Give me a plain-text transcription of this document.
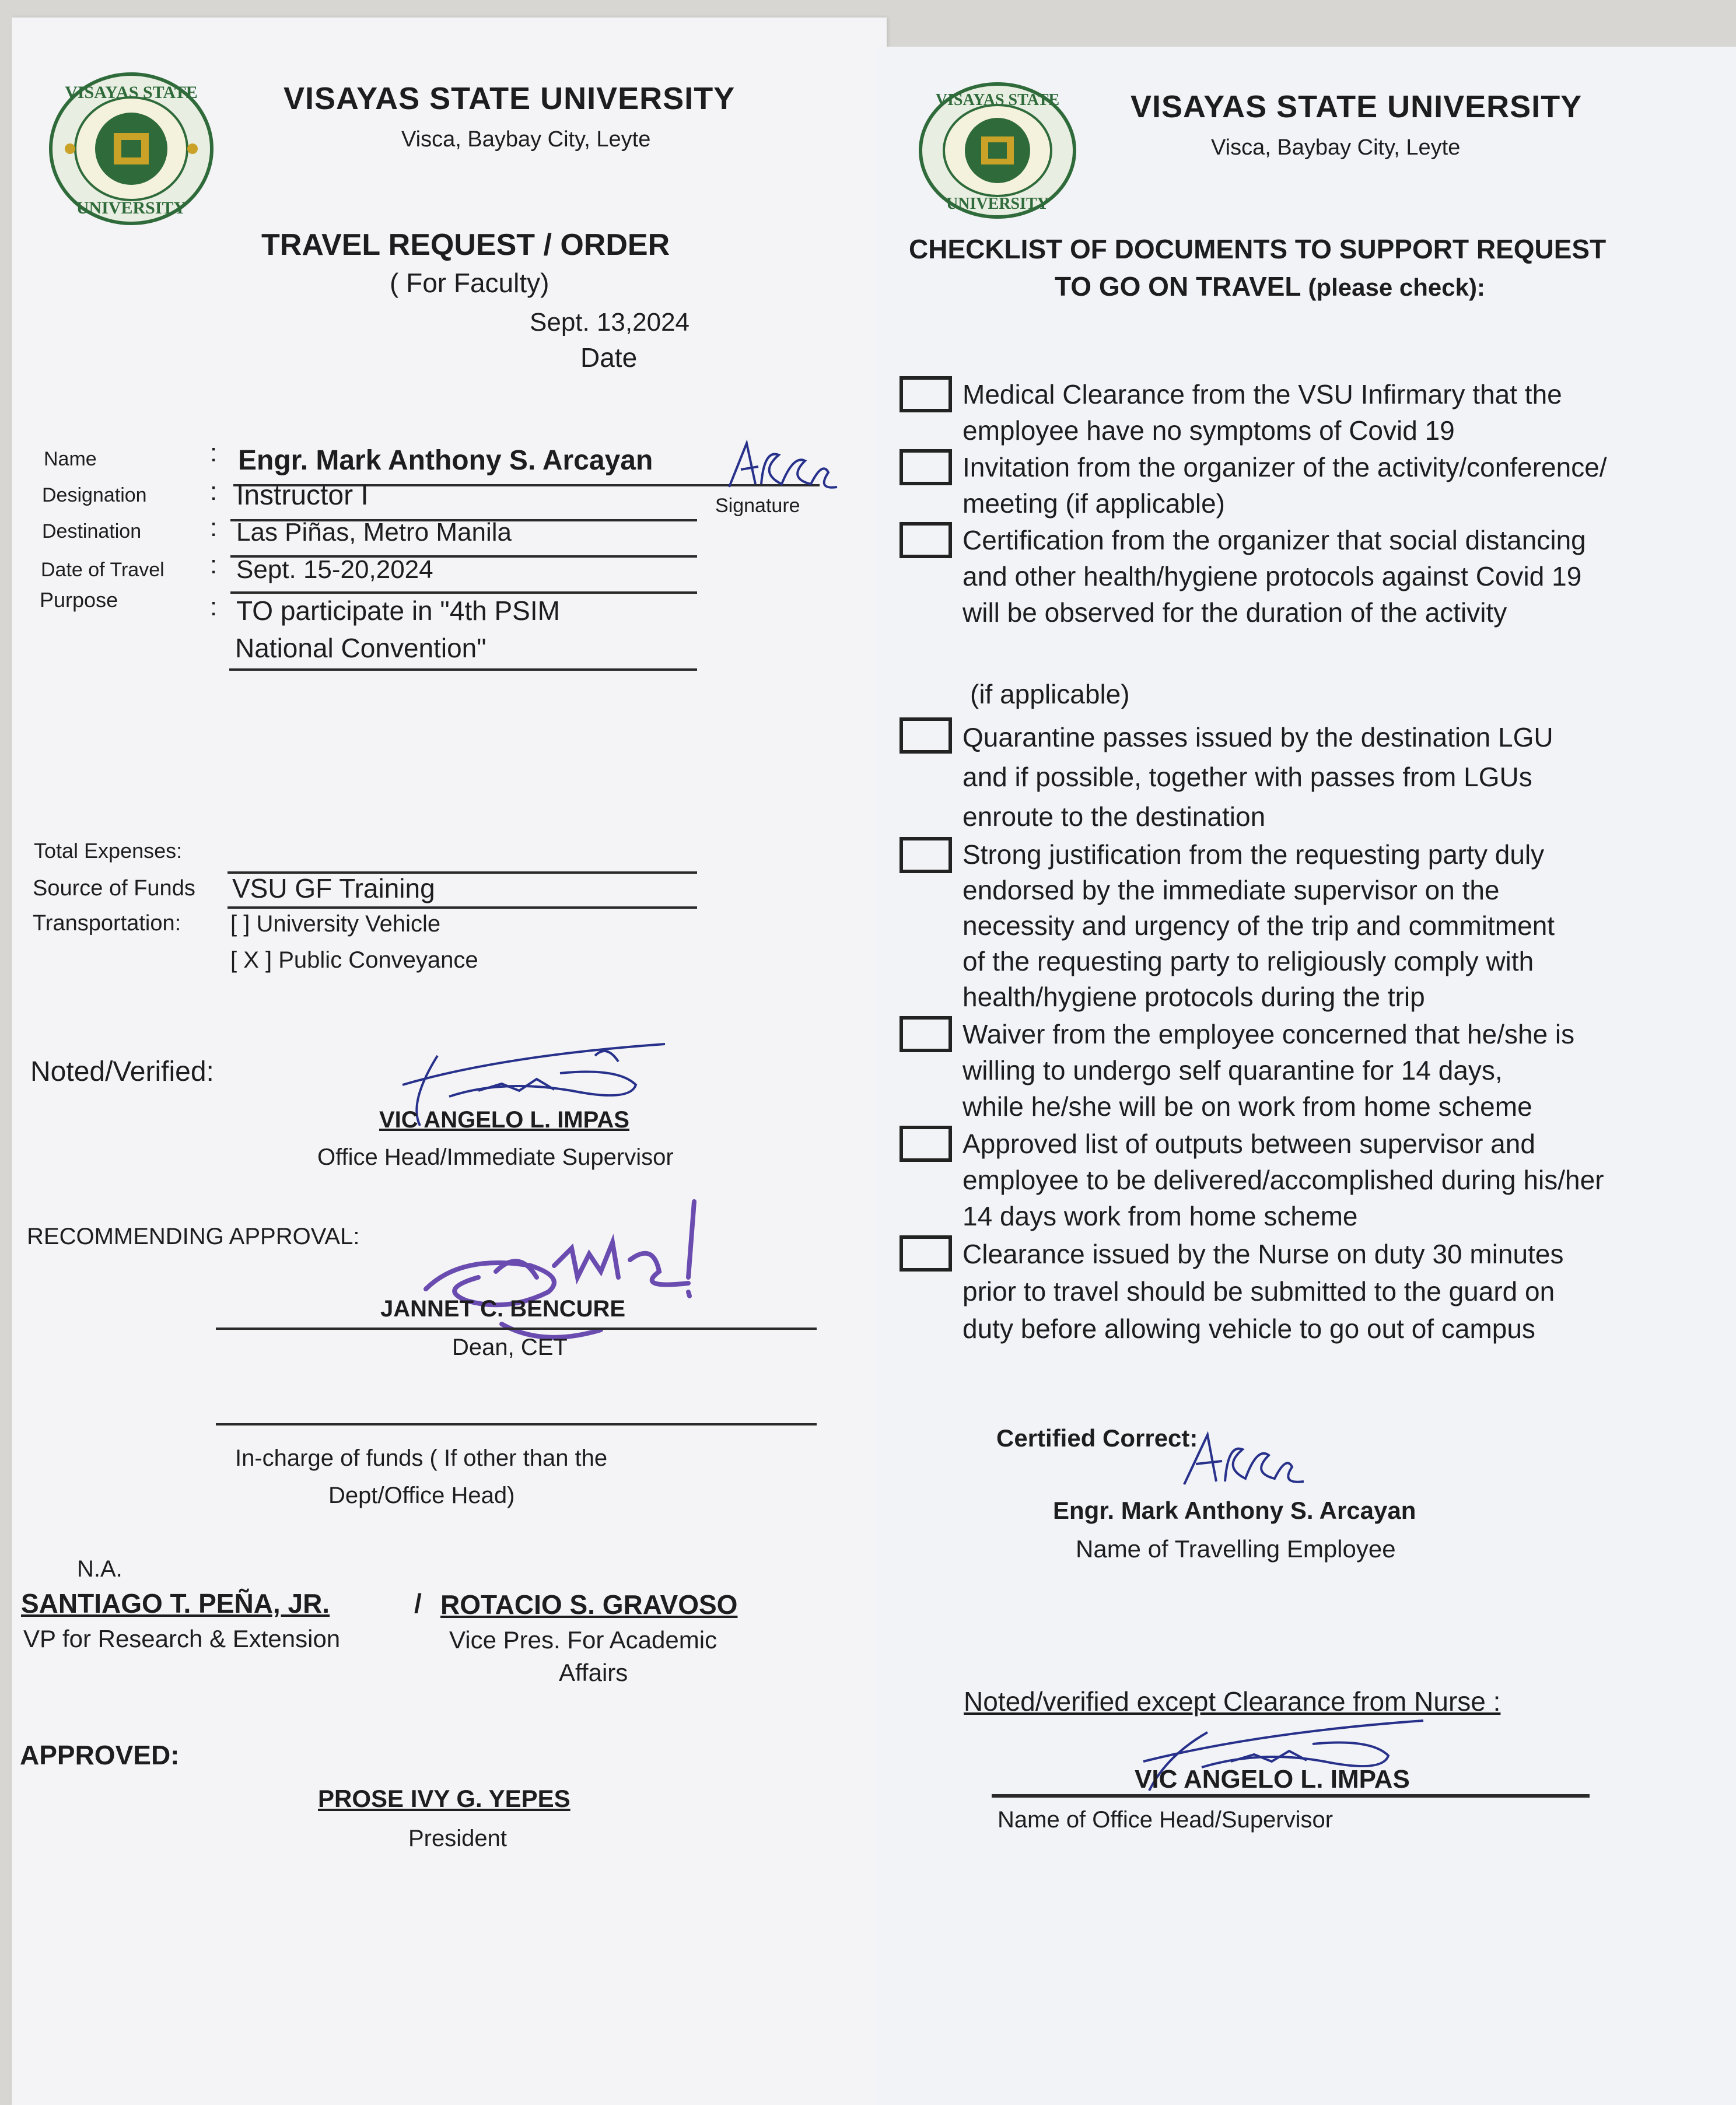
VISAYAS STATE
UNIVERSITY
VISAYAS STATE UNIVERSITY
Visca, Baybay City, Leyte
TRAVEL REQUEST / ORDER
( For Faculty)
Sept. 13,2024
Date
Name	: Engr. Mark Anthony S. Arcayan
Signature
Designation : Instructor I
Destination	: Las Piñas, Metro Manila
Date of Travel : Sept. 15-20,2024
Purpose	: TO participate in "4th PSIM
National Convention"
Total Expenses:
Source of Funds VSU GF Training
Transportation: [ ] University Vehicle
[ X ] Public Conveyance
Noted/Verified:
VIC ANGELO L. IMPAS
Office Head/Immediate Supervisor
RECOMMENDING APPROVAL:
JANNET C. BENCURE
Dean, CET
In-charge of funds ( If other than the
Dept/Office Head)
N.A.
SANTIAGO T. PEÑA, JR.	/ ROTACIO S. GRAVOSO
VP for Research & Extension	Vice Pres. For Academic
Affairs
APPROVED:
PROSE IVY G. YEPES
President
VISAYAS STATE
UNIVERSITY
VISAYAS STATE UNIVERSITY
Visca, Baybay City, Leyte
CHECKLIST OF DOCUMENTS TO SUPPORT REQUEST
TO GO ON TRAVEL (please check):
Medical Clearance from the VSU Infirmary that the
employee have no symptoms of Covid 19
Invitation from the organizer of the activity/conference/
meeting (if applicable)
Certification from the organizer that social distancing
and other health/hygiene protocols against Covid 19
will be observed for the duration of the activity
(if applicable)
Quarantine passes issued by the destination LGU
and if possible, together with passes from LGUs
enroute to the destination
Strong justification from the requesting party duly
endorsed by the immediate supervisor on the
necessity and urgency of the trip and commitment
of the requesting party to religiously comply with
health/hygiene protocols during the trip
Waiver from the employee concerned that he/she is
willing to undergo self quarantine for 14 days,
while he/she will be on work from home scheme
Approved list of outputs between supervisor and
employee to be delivered/accomplished during his/her
14 days work from home scheme
Clearance issued by the Nurse on duty 30 minutes
prior to travel should be submitted to the guard on
duty before allowing vehicle to go out of campus
Certified Correct:
Engr. Mark Anthony S. Arcayan
Name of Travelling Employee
Noted/verified except Clearance from Nurse :
VIC ANGELO L. IMPAS
Name of Office Head/Supervisor
